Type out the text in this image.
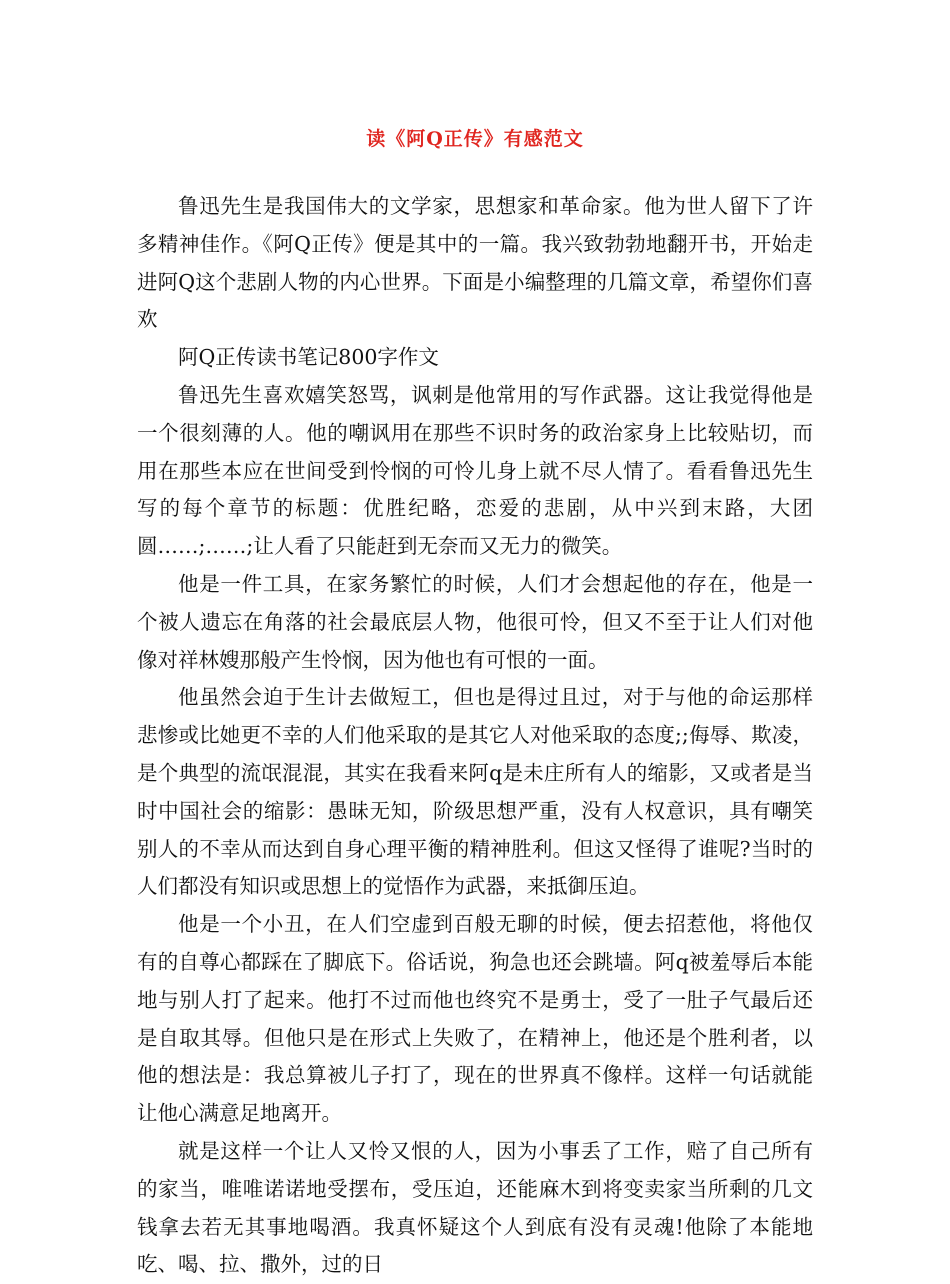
读《阿Q正传》有感范文

鲁迅先生是我国伟大的文学家，思想家和革命家。他为世人留下了许多精神佳作。《阿Q正传》便是其中的一篇。我兴致勃勃地翻开书，开始走进阿Q这个悲剧人物的内心世界。下面是小编整理的几篇文章，希望你们喜欢

阿Q正传读书笔记800字作文

鲁迅先生喜欢嬉笑怒骂，讽刺是他常用的写作武器。这让我觉得他是一个很刻薄的人。他的嘲讽用在那些不识时务的政治家身上比较贴切，而用在那些本应在世间受到怜悯的可怜儿身上就不尽人情了。看看鲁迅先生写的每个章节的标题：优胜纪略，恋爱的悲剧，从中兴到末路，大团圆……;……;让人看了只能赶到无奈而又无力的微笑。

他是一件工具，在家务繁忙的时候，人们才会想起他的存在，他是一个被人遗忘在角落的社会最底层人物，他很可怜，但又不至于让人们对他像对祥林嫂那般产生怜悯，因为他也有可恨的一面。

他虽然会迫于生计去做短工，但也是得过且过，对于与他的命运那样悲惨或比她更不幸的人们他采取的是其它人对他采取的态度;;侮辱、欺凌，是个典型的流氓混混，其实在我看来阿q是未庄所有人的缩影，又或者是当时中国社会的缩影：愚昧无知，阶级思想严重，没有人权意识，具有嘲笑别人的不幸从而达到自身心理平衡的精神胜利。但这又怪得了谁呢?当时的人们都没有知识或思想上的觉悟作为武器，来抵御压迫。

他是一个小丑，在人们空虚到百般无聊的时候，便去招惹他，将他仅有的自尊心都踩在了脚底下。俗话说，狗急也还会跳墙。阿q被羞辱后本能地与别人打了起来。他打不过而他也终究不是勇士，受了一肚子气最后还是自取其辱。但他只是在形式上失败了，在精神上，他还是个胜利者，以他的想法是：我总算被儿子打了，现在的世界真不像样。这样一句话就能让他心满意足地离开。

就是这样一个让人又怜又恨的人，因为小事丢了工作，赔了自己所有的家当，唯唯诺诺地受摆布，受压迫，还能麻木到将变卖家当所剩的几文钱拿去若无其事地喝酒。我真怀疑这个人到底有没有灵魂!他除了本能地吃、喝、拉、撒外，过的日
